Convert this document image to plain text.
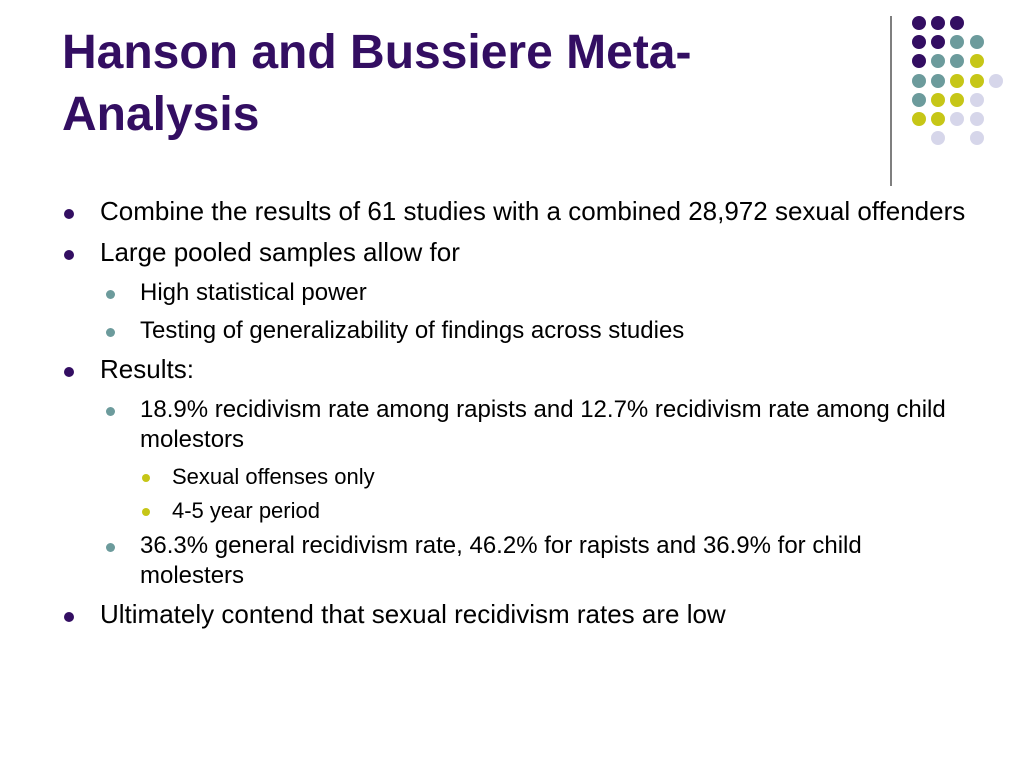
Hanson and Bussiere Meta-
Analysis
Combine the results of 61 studies with a combined 28,972 sexual offenders
Large pooled samples allow for
High statistical power
Testing of generalizability of findings across studies
Results:
18.9% recidivism rate among rapists and 12.7% recidivism rate among child molestors
Sexual offenses only
4-5 year period
36.3% general recidivism rate, 46.2% for rapists and 36.9% for child molesters
Ultimately contend that sexual recidivism rates are low
